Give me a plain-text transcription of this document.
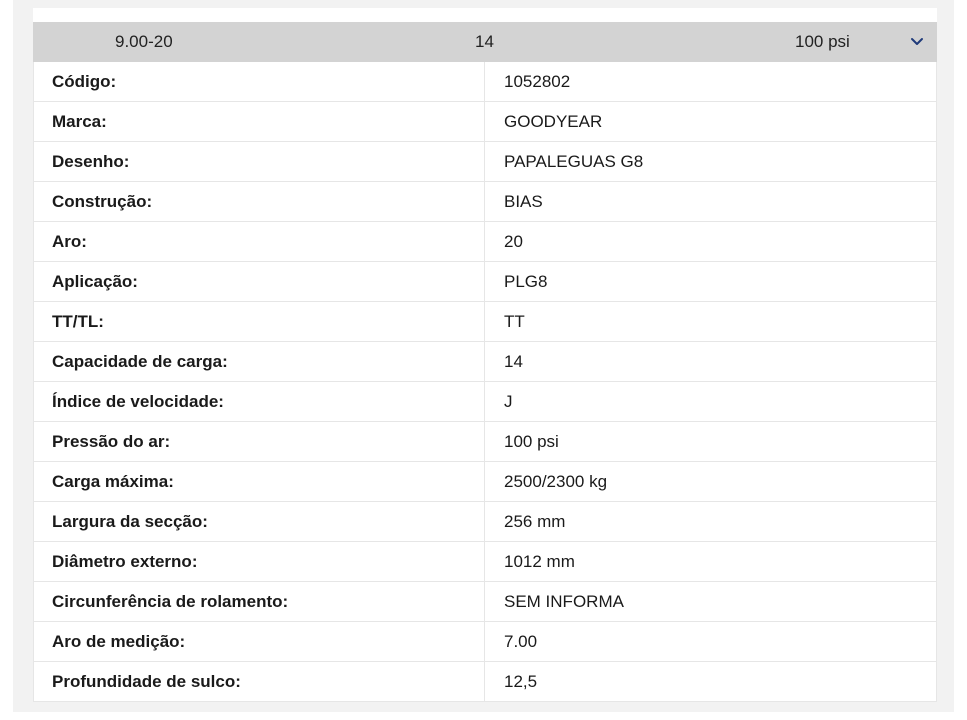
9.00-20	14	100 psi
Código:	1052802
Marca:	GOODYEAR
Desenho:	PAPALEGUAS G8
Construção:	BIAS
Aro:	20
Aplicação:	PLG8
TT/TL:	TT
Capacidade de carga:	14
Índice de velocidade:	J
Pressão do ar:	100 psi
Carga máxima:	2500/2300 kg
Largura da secção:	256 mm
Diâmetro externo:	1012 mm
Circunferência de rolamento:	SEM INFORMA
Aro de medição:	7.00
Profundidade de sulco:	12,5
